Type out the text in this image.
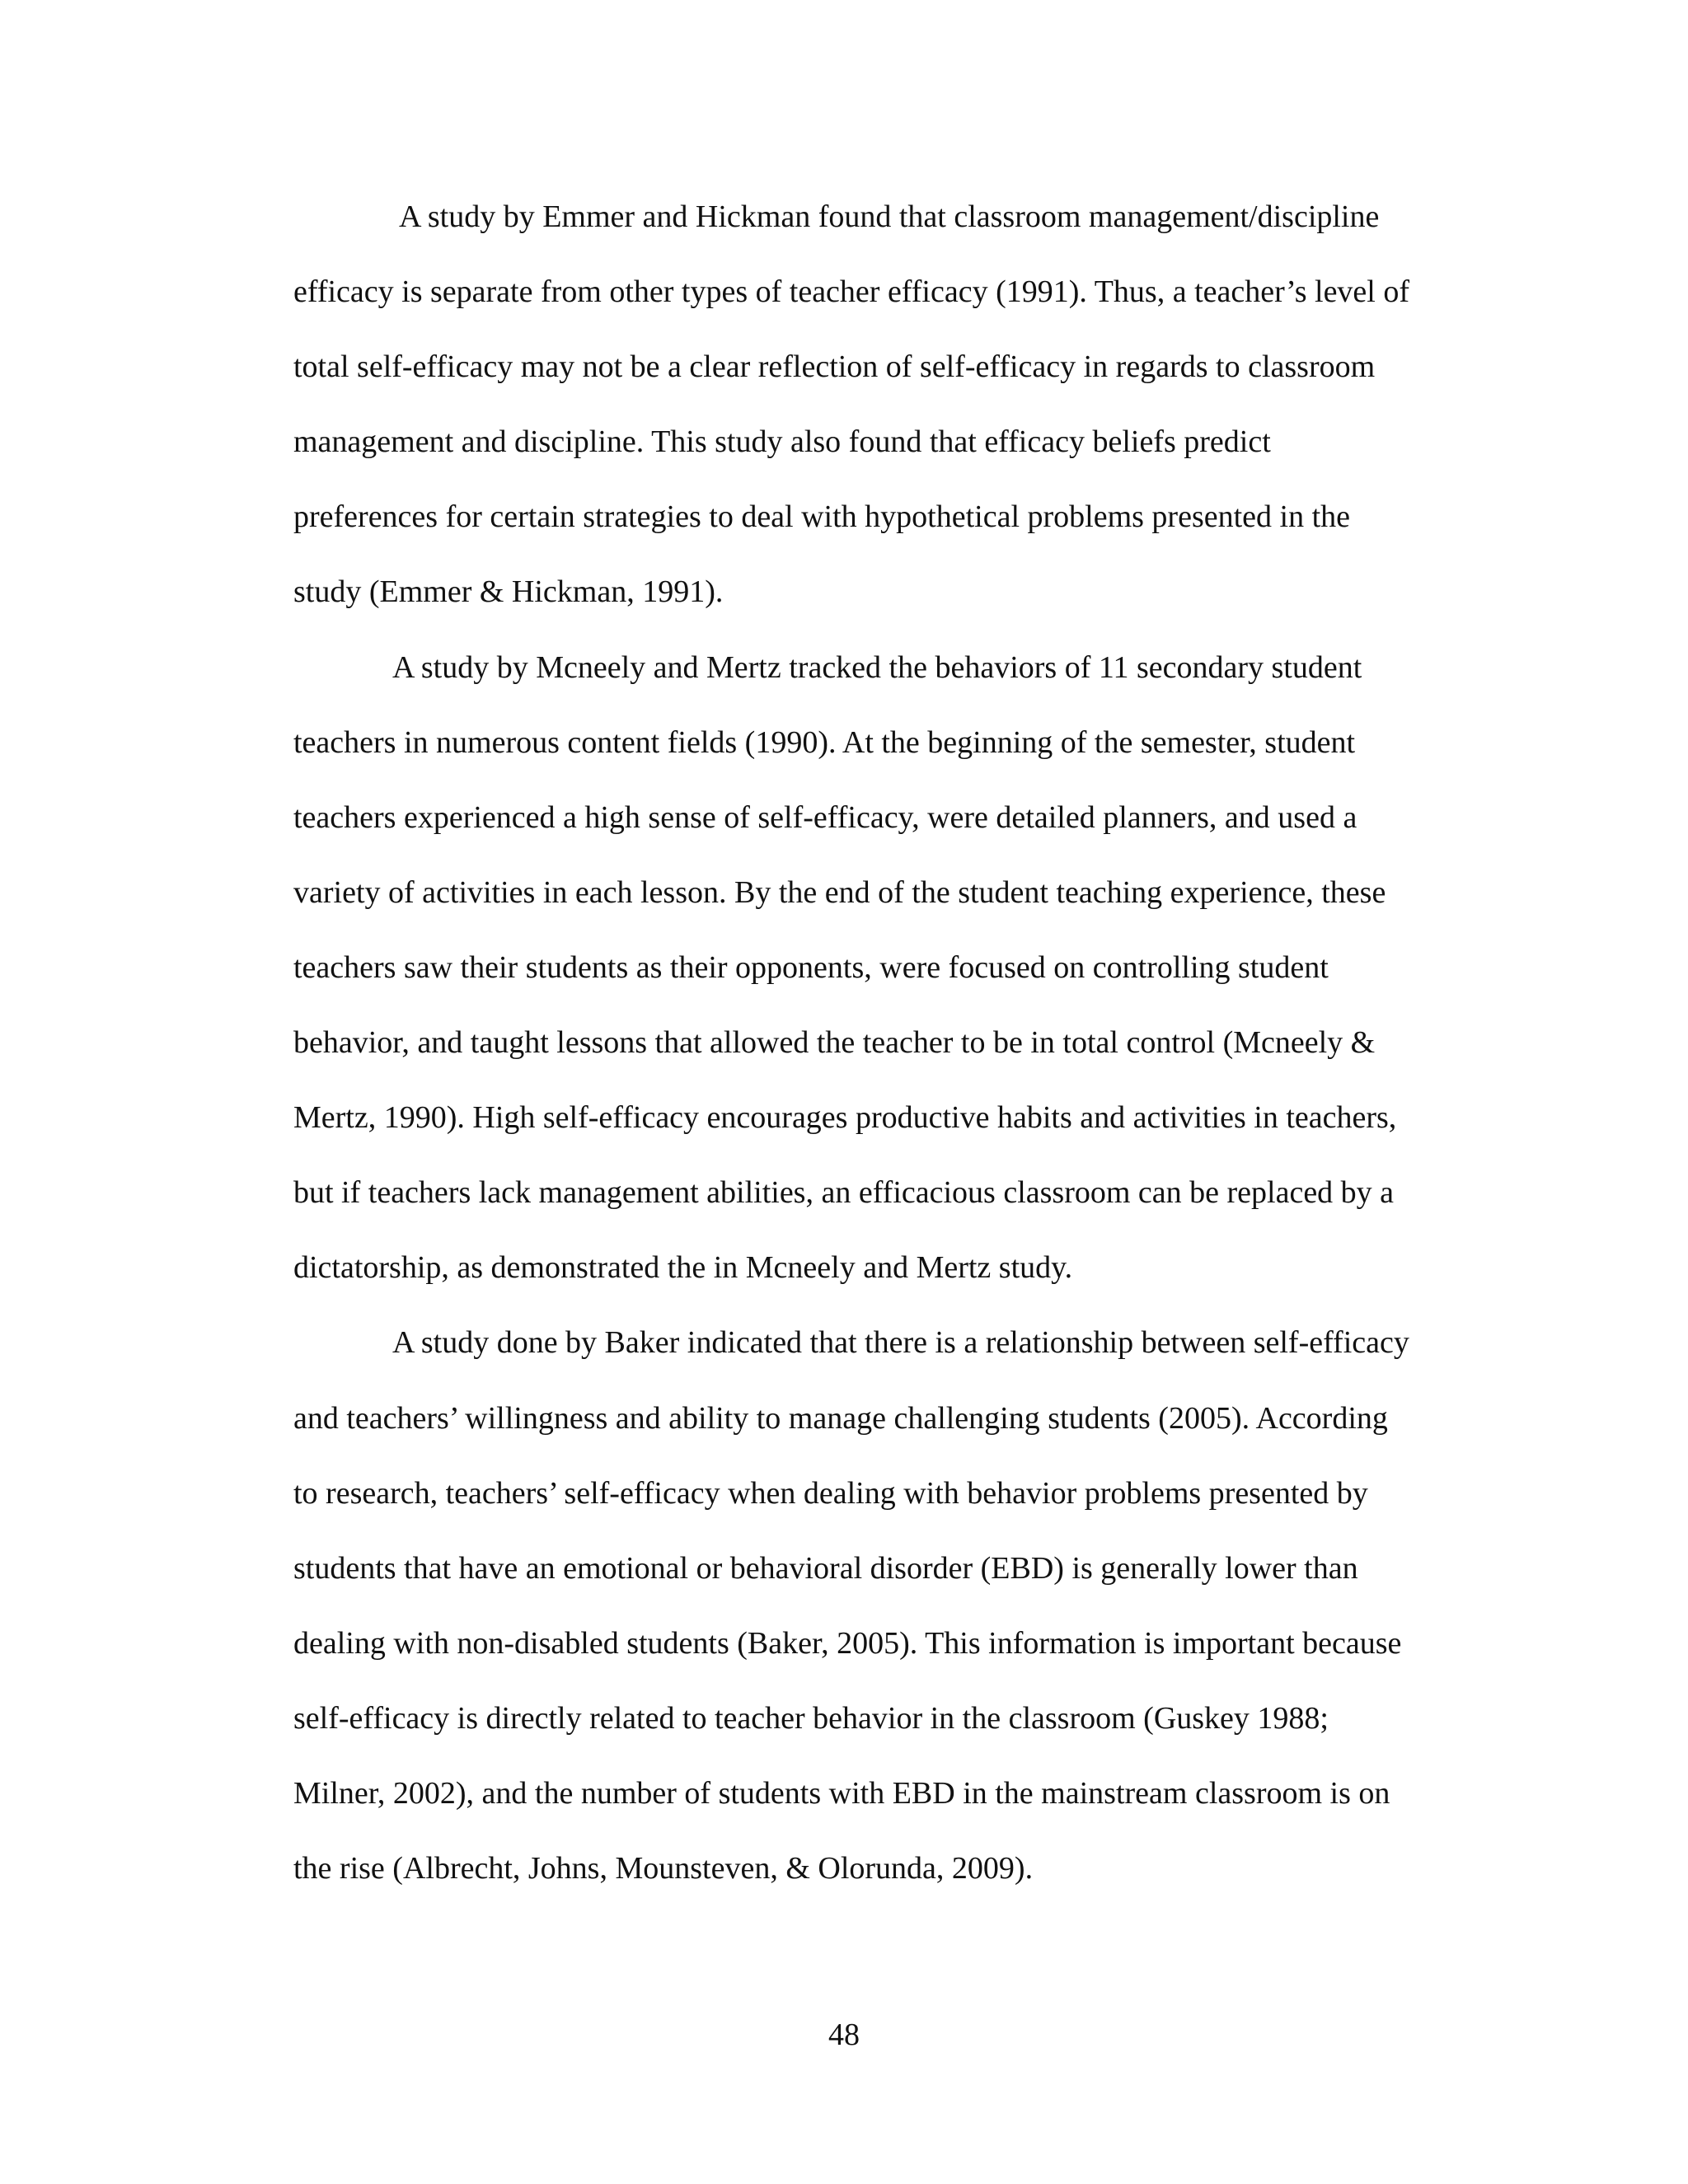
A study by Emmer and Hickman found that classroom management/discipline
efficacy is separate from other types of teacher efficacy (1991). Thus, a teacher’s level of
total self-efficacy may not be a clear reflection of self-efficacy in regards to classroom
management and discipline. This study also found that efficacy beliefs predict
preferences for certain strategies to deal with hypothetical problems presented in the
study (Emmer & Hickman, 1991).
A study by Mcneely and Mertz tracked the behaviors of 11 secondary student
teachers in numerous content fields (1990). At the beginning of the semester, student
teachers experienced a high sense of self-efficacy, were detailed planners, and used a
variety of activities in each lesson. By the end of the student teaching experience, these
teachers saw their students as their opponents, were focused on controlling student
behavior, and taught lessons that allowed the teacher to be in total control (Mcneely &
Mertz, 1990). High self-efficacy encourages productive habits and activities in teachers,
but if teachers lack management abilities, an efficacious classroom can be replaced by a
dictatorship, as demonstrated the in Mcneely and Mertz study.
A study done by Baker indicated that there is a relationship between self-efficacy
and teachers’ willingness and ability to manage challenging students (2005). According
to research, teachers’ self-efficacy when dealing with behavior problems presented by
students that have an emotional or behavioral disorder (EBD) is generally lower than
dealing with non-disabled students (Baker, 2005). This information is important because
self-efficacy is directly related to teacher behavior in the classroom (Guskey 1988;
Milner, 2002), and the number of students with EBD in the mainstream classroom is on
the rise (Albrecht, Johns, Mounsteven, & Olorunda, 2009).
48
